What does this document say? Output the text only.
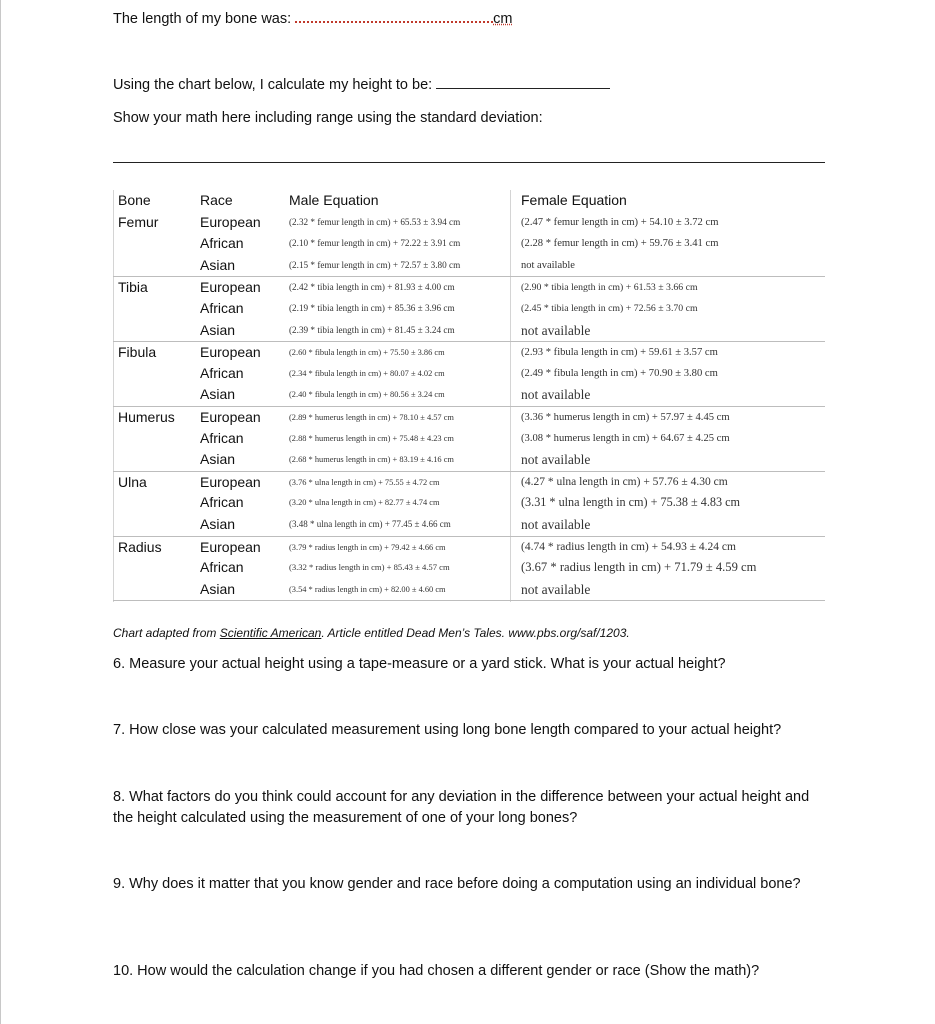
The length of my bone was:	cm
Using the chart below, I calculate my height to be:
Show your math here including range using the standard deviation:
Bone	Race	Male Equation	Female Equation
Femur	European	(2.32 * femur length in cm) + 65.53 ± 3.94 cm	(2.47 * femur length in cm) + 54.10 ± 3.72 cm
African	(2.10 * femur length in cm) + 72.22 ± 3.91 cm	(2.28 * femur length in cm) + 59.76 ± 3.41 cm
Asian	(2.15 * femur length in cm) + 72.57 ± 3.80 cm	not available
Tibia	European	(2.42 * tibia length in cm) + 81.93 ± 4.00 cm	(2.90 * tibia length in cm) + 61.53 ± 3.66 cm
African	(2.19 * tibia length in cm) + 85.36 ± 3.96 cm	(2.45 * tibia length in cm) + 72.56 ± 3.70 cm
Asian	(2.39 * tibia length in cm) + 81.45 ± 3.24 cm	not available
Fibula	European	(2.60 * fibula length in cm) + 75.50 ± 3.86 cm	(2.93 * fibula length in cm) + 59.61 ± 3.57 cm
African	(2.34 * fibula length in cm) + 80.07 ± 4.02 cm	(2.49 * fibula length in cm) + 70.90 ± 3.80 cm
Asian	(2.40 * fibula length in cm) + 80.56 ± 3.24 cm	not available
Humerus European	(2.89 * humerus length in cm) + 78.10 ± 4.57 cm	(3.36 * humerus length in cm) + 57.97 ± 4.45 cm
African	(2.88 * humerus length in cm) + 75.48 ± 4.23 cm	(3.08 * humerus length in cm) + 64.67 ± 4.25 cm
Asian	(2.68 * humerus length in cm) + 83.19 ± 4.16 cm	not available
Ulna	European	(3.76 * ulna length in cm) + 75.55 ± 4.72 cm	(4.27 * ulna length in cm) + 57.76 ± 4.30 cm
African	(3.20 * ulna length in cm) + 82.77 ± 4.74 cm	(3.31 * ulna length in cm) + 75.38 ± 4.83 cm
Asian	(3.48 * ulna length in cm) + 77.45 ± 4.66 cm	not available
Radius	European	(3.79 * radius length in cm) + 79.42 ± 4.66 cm	(4.74 * radius length in cm) + 54.93 ± 4.24 cm
African	(3.32 * radius length in cm) + 85.43 ± 4.57 cm	(3.67 * radius length in cm) + 71.79 ± 4.59 cm
Asian	(3.54 * radius length in cm) + 82.00 ± 4.60 cm	not available
Chart adapted from Scientific American. Article entitled Dead Men’s Tales. www.pbs.org/saf/1203.
6. Measure your actual height using a tape-measure or a yard stick. What is your actual height?
7. How close was your calculated measurement using long bone length compared to your actual height?
8. What factors do you think could account for any deviation in the difference between your actual height and the height calculated using the measurement of one of your long bones?
9. Why does it matter that you know gender and race before doing a computation using an individual bone?
10. How would the calculation change if you had chosen a different gender or race (Show the math)?
